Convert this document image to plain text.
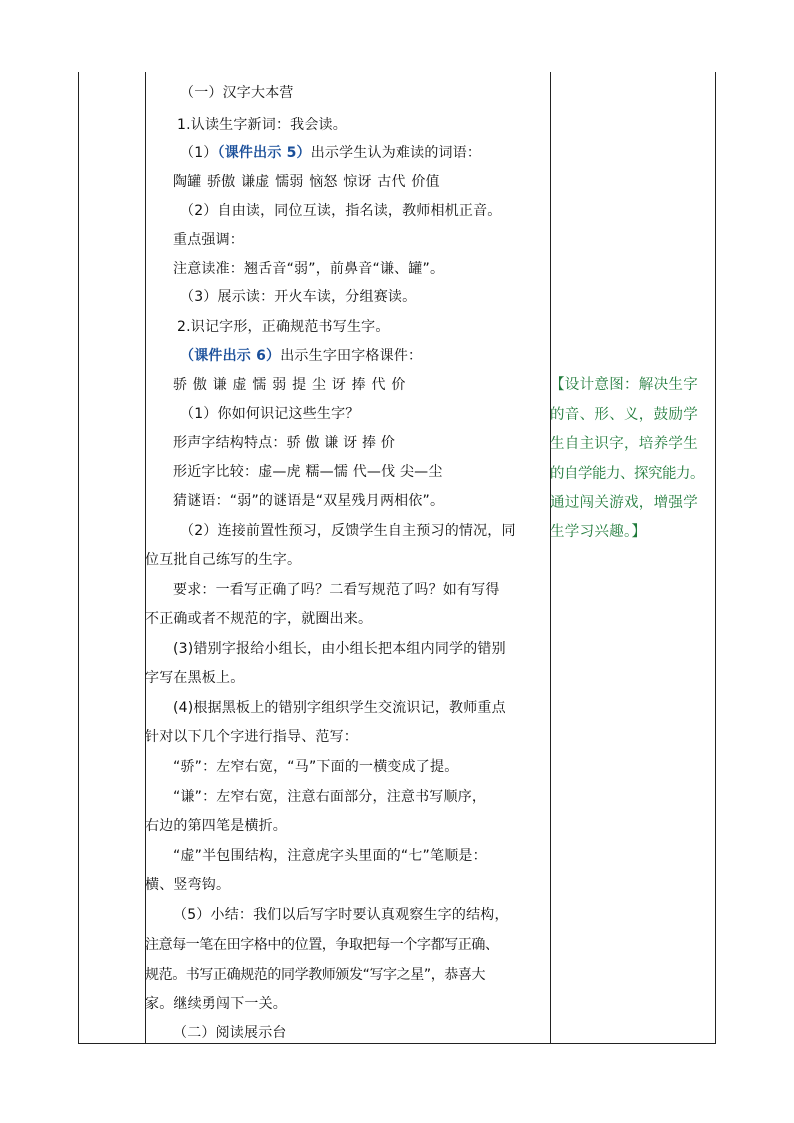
（一）汉字大本营
1.认读生字新词：我会读。
（1）（课件出示 5）出示学生认为难读的词语：
陶罐 骄傲 谦虚 懦弱 恼怒 惊讶 古代 价值
（2）自由读，同位互读，指名读，教师相机正音。
重点强调：
注意读准：翘舌音“弱”，前鼻音“谦、罐”。
（3）展示读：开火车读，分组赛读。
2.识记字形，正确规范书写生字。
（课件出示 6）出示生字田字格课件：
骄 傲 谦 虚 懦 弱 提 尘 讶 捧 代 价
（1）你如何识记这些生字？
形声字结构特点：骄 傲 谦 讶 捧 价
形近字比较：虚—虎 糯—懦 代—伐 尖—尘
猜谜语：“弱”的谜语是“双星残月两相依”。
（2）连接前置性预习，反馈学生自主预习的情况，同
位互批自己练写的生字。
要求：一看写正确了吗？二看写规范了吗？如有写得
不正确或者不规范的字，就圈出来。
(3)错别字报给小组长，由小组长把本组内同学的错别
字写在黑板上。
(4)根据黑板上的错别字组织学生交流识记，教师重点
针对以下几个字进行指导、范写：
“骄”：左窄右宽，“马”下面的一横变成了提。
“谦”：左窄右宽，注意右面部分，注意书写顺序，
右边的第四笔是横折。
“虚”半包围结构，注意虎字头里面的“七”笔顺是：
横、竖弯钩。
（5）小结：我们以后写字时要认真观察生字的结构，
注意每一笔在田字格中的位置，争取把每一个字都写正确、
规范。书写正确规范的同学教师颁发“写字之星”，恭喜大
家。继续勇闯下一关。
（二）阅读展示台
【设计意图：解决生字
的音、形、义，鼓励学
生自主识字，培养学生
的自学能力、探究能力。
通过闯关游戏，增强学
生学习兴趣。】
